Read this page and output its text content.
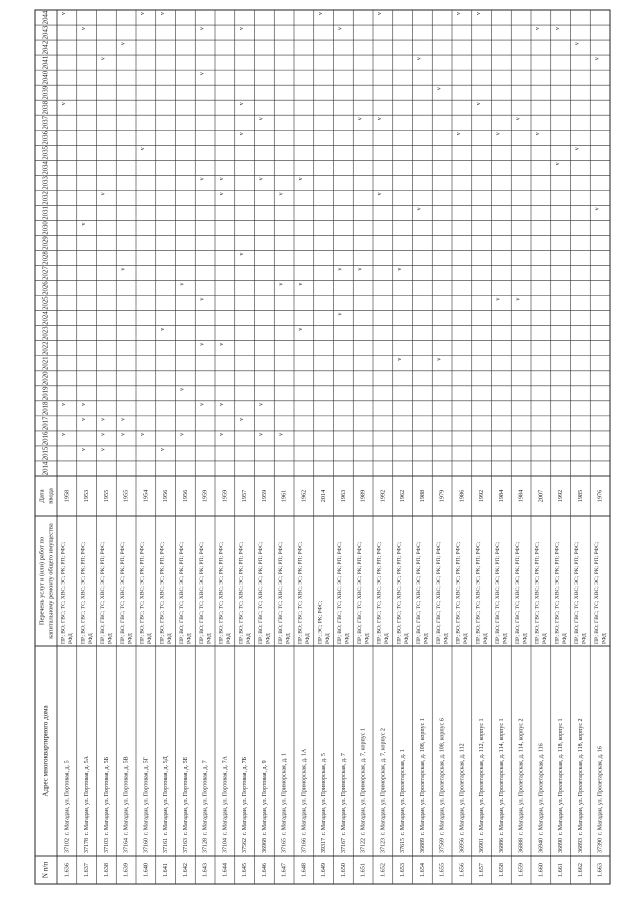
N п/п
Адрес многоквартирного дома
Перечень услуг и (или) работ по капитальному ремонту общего имущества
Дата ввода
2014
2015
2016
2017
2018
2019
2020
2021
2022
2023
2024
2025
2026
2027
2028
2029
2030
2031
2032
2033
2034
2035
2036
2037
2038
2039
2040
2041
2042
2043
2044
1.636
37102
г. Магадан, ул. Портовая, д. 5
ПР; ВО; ГВС; ТС; ХВС; ЭС; РК; РП; РФС; РФД
1958
v
v
v
v
1.637
37178
г. Магадан, ул. Портовая, д. 5А
ПР; ВО; ГВС; ТС; ХВС; ЭС; РК; РП; РФС; РФД
1953
v
v
v
v
v
1.638
37103
г. Магадан, ул. Портовая, д. 5Б
ПР; ВО; ГВС; ТС; ХВС; ЭС; РК; РП; РФС; РФД
1955
v
v
v
v
v
1.639
37164
г. Магадан, ул. Портовая, д. 5В
ПР; ВО; ГВС; ТС; ХВС; ЭС; РК; РП; РФС; РФД
1955
v
v
v
v
1.640
37160
г. Магадан, ул. Портовая, д. 5Г
ПР; ВО; ГВС; ТС; ХВС; ЭС; РК; РП; РФС; РФД
1954
v
v
v
1.641
37161
г. Магадан, ул. Портовая, д. 5Д
ПР; ВО; ГВС; ТС; ХВС; ЭС; РК; РП; РФС; РФД
1956
v
v
v
1.642
37163
г. Магадан, ул. Портовая, д. 5Е
ПР; ВО; ГВС; ТС; ХВС; ЭС; РК; РП; РФС; РФД
1956
v
v
v
1.643
37128
г. Магадан, ул. Портовая, д. 7
ПР; ВО; ГВС; ТС; ХВС; ЭС; РК; РП; РФС; РФД
1959
v
v
v
v
v
v
1.644
37104
г. Магадан, ул. Портовая, д. 7А
ПР; ВО; ГВС; ТС; ХВС; ЭС; РК; РП; РФС; РФД
1959
v
v
v
v
v
1.645
37562
г. Магадан, ул. Портовая, д. 7Б
ПР; ВО; ГВС; ТС; ХВС; ЭС; РК; РП; РФС; РФД
1957
v
v
v
v
v
1.646
36968
г. Магадан, ул. Портовая, д. 9
ПР; ВО; ГВС; ТС; ХВС; ЭС; РК; РП; РФС; РФД
1959
v
v
v
v
1.647
37165
г. Магадан, ул. Приморская, д. 1
ПР; ВО; ГВС; ТС; ХВС; ЭС; РК; РП; РФС; РФД
1961
v
v
v
1.648
37166
г. Магадан, ул. Приморская, д. 1А
ПР; ВО; ГВС; ТС; ХВС; ЭС; РК; РП; РФС; РФД
1962
v
v
v
1.649
39317
г. Магадан, ул. Приморская, д. 5
ПР; ЭС; РК; РФС; РФД
2014
v
1.650
37167
г. Магадан, ул. Приморская, д. 7
ПР; ВО; ГВС; ТС; ХВС; ЭС; РК; РП; РФС; РФД
1963
v
v
v
1.651
37122
г. Магадан, ул. Приморская, д. 7, корпус 1
ПР; ВО; ГВС; ТС; ХВС; ЭС; РК; РП; РФС; РФД
1989
v
v
1.652
37123
г. Магадан, ул. Приморская, д. 7, корпус 2
ПР; ВО; ГВС; ТС; ХВС; ЭС; РК; РП; РФС; РФД
1992
v
v
v
1.653
37615
г. Магадан, ул. Пролетарская, д. 1
ПР; ВО; ГВС; ТС; ХВС; ЭС; РК; РП; РФС; РФД
1962
v
v
1.654
36889
г. Магадан, ул. Пролетарская, д. 108, корпус 1
ПР; ВО; ГВС; ТС; ХВС; ЭС; РК; РП; РФС; РФД
1988
v
v
1.655
37569
г. Магадан, ул. Пролетарская, д. 108, корпус 6
ПР; ВО; ГВС; ТС; ХВС; ЭС; РК; РП; РФС; РФД
1979
v
v
1.656
36956
г. Магадан, ул. Пролетарская, д. 112
ПР; ВО; ГВС; ТС; ХВС; ЭС; РК; РП; РФС; РФД
1986
v
v
1.657
36901
г. Магадан, ул. Пролетарская, д. 112, корпус 1
ПР; ВО; ГВС; ТС; ХВС; ЭС; РК; РП; РФС; РФД
1992
v
v
1.658
36886
г. Магадан, ул. Пролетарская, д. 114, корпус 1
ПР; ВО; ГВС; ТС; ХВС; ЭС; РК; РП; РФС; РФД
1984
v
v
1.659
36888
г. Магадан, ул. Пролетарская, д. 114, корпус 2
ПР; ВО; ГВС; ТС; ХВС; ЭС; РК; РП; РФС; РФД
1984
v
v
1.660
36940
г. Магадан, ул. Пролетарская, д. 116
ПР; ВО; ГВС; ТС; ХВС; ЭС; РК; РП; РФС; РФД
2007
v
v
1.661
36890
г. Магадан, ул. Пролетарская, д. 118, корпус 1
ПР; ВО; ГВС; ТС; ХВС; ЭС; РК; РП; РФС; РФД
1992
v
v
1.662
36893
г. Магадан, ул. Пролетарская, д. 118, корпус 2
ПР; ВО; ГВС; ТС; ХВС; ЭС; РК; РП; РФС; РФД
1985
v
v
1.663
37390
г. Магадан, ул. Пролетарская, д. 16
ПР; ВО; ГВС; ТС; ХВС; ЭС; РК; РП; РФС; РФД
1976
v
v
